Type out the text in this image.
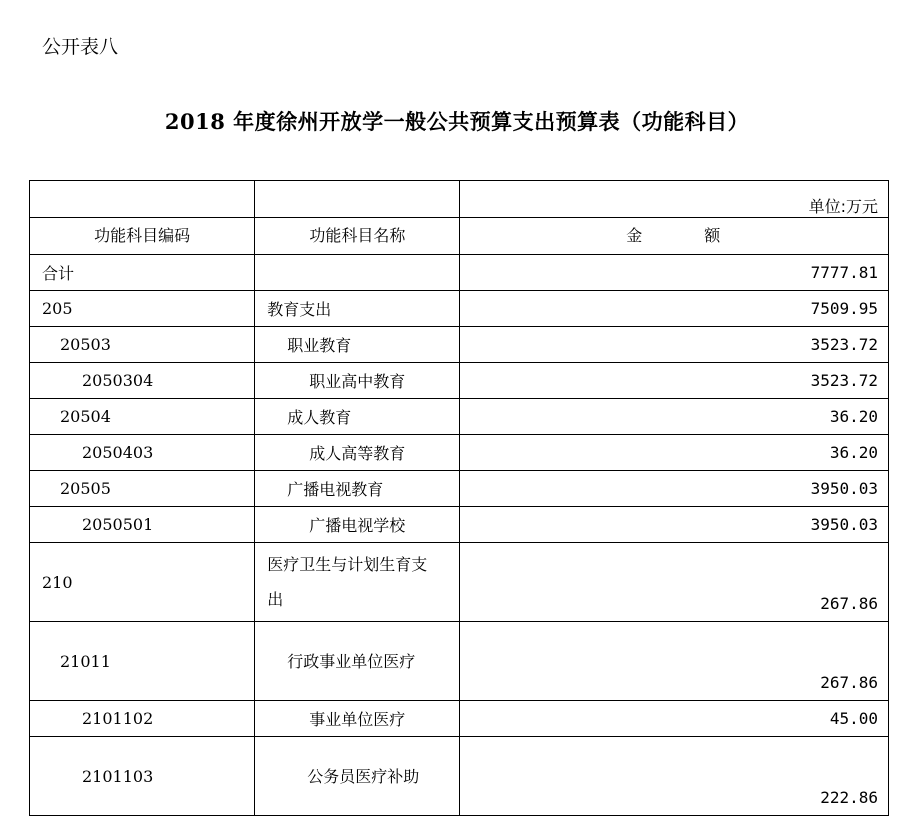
公开表八
2018 年度徐州开放学一般公共预算支出预算表（功能科目）
		单位:万元
功能科目编码	功能科目名称	金额
合计		7777.81
205	教育支出	7509.95
20503	职业教育	3523.72
2050304	职业高中教育	3523.72
20504	成人教育	36.20
2050403	成人高等教育	36.20
20505	广播电视教育	3950.03
2050501	广播电视学校	3950.03
210	医疗卫生与计划生育支出	267.86
21011	行政事业单位医疗	267.86
2101102	事业单位医疗	45.00
2101103	公务员医疗补助	222.86
